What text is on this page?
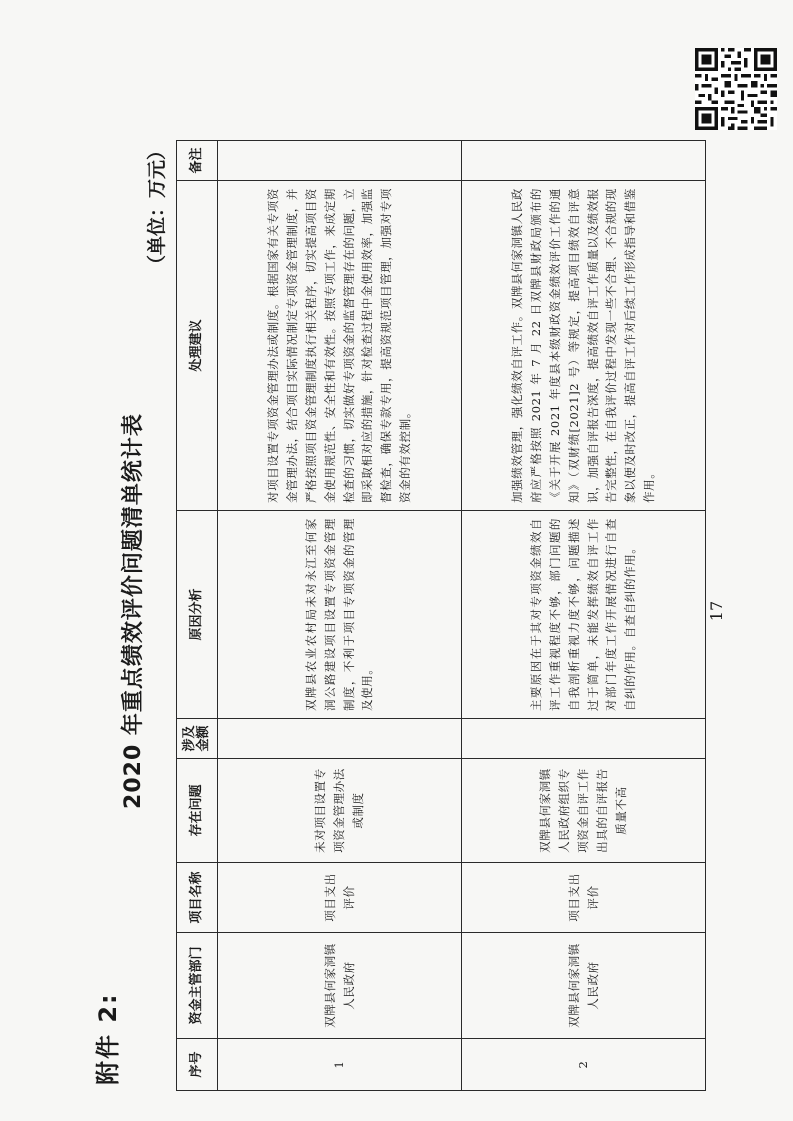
附件 2:
2020 年重点绩效评价问题清单统计表
（单位：万元）
序号	资金主管部门	项目名称	存在问题	涉及金额	原因分析	处理建议	备注
1	双牌县何家洞镇人民政府	项目支出评价	未对项目设置专项资金管理办法或制度		双牌县农业农村局未对永江至何家洞公路建设项目设置专项资金管理制度，不利于项目专项资金的管理及使用。	对项目设置专项资金管理办法或制度。根据国家有关专项资金管理办法，结合项目实际情况制定专项资金管理制度，并严格按照项目资金管理制度执行相关程序，切实提高项目资金使用规范性、安全性和有效性。按照专项工作，来成定期检查的习惯，切实做好专项资金的监督管理存在的问题，立即采取相对应的措施，针对检查过程中金使用效率，加强监督检查，确保专款专用，提高资规范项目管理，加强对专项资金的有效控制。	
2	双牌县何家洞镇人民政府	项目支出评价	双牌县何家洞镇人民政府组织专项资金自评工作出具的自评报告质量不高		主要原因在于其对专项资金绩效自评工作重视程度不够，部门问题的自我剖析重视力度不够，问题描述过于简单，未能发挥绩效自评工作对部门年度工作开展情况进行自查自纠的作用。自查自纠的作用。	加强绩效管理，强化绩效自评工作。双牌县何家洞镇人民政府应严格按照 2021 年 7 月 22 日双牌县财政局颁布的《关于开展 2021 年度县本级财政资金绩效评价工作的通知》（双财绩[2021]2 号）等规定，提高项目绩效自评意识，加强自评报告深度，提高绩效自评工作质量以及绩效报告完整性，在自我评价过程中发现一些不合理、不合规的现象以便及时改正，提高自评工作对后续工作形成指导和借鉴作用。	
17
